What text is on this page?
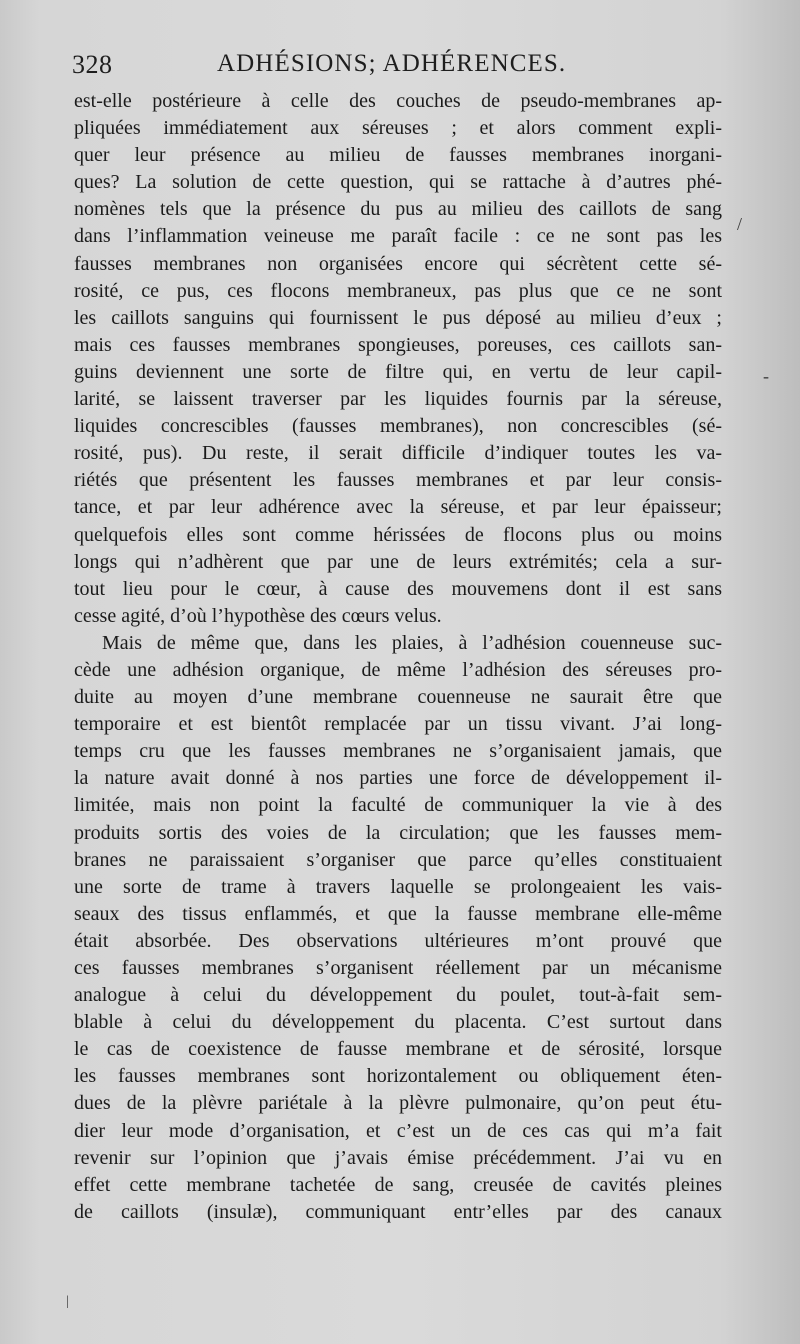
328	ADHÉSIONS; ADHÉRENCES.
est-elle postérieure à celle des couches de pseudo-membranes ap-
pliquées immédiatement aux séreuses ; et alors comment expli-
quer leur présence au milieu de fausses membranes inorgani-
ques? La solution de cette question, qui se rattache à d’autres phé-
nomènes tels que la présence du pus au milieu des caillots de sang
dans l’inflammation veineuse me paraît facile : ce ne sont pas les
fausses membranes non organisées encore qui sécrètent cette sé-
rosité, ce pus, ces flocons membraneux, pas plus que ce ne sont
les caillots sanguins qui fournissent le pus déposé au milieu d’eux ;
mais ces fausses membranes spongieuses, poreuses, ces caillots san-
guins deviennent une sorte de filtre qui, en vertu de leur capil-
larité, se laissent traverser par les liquides fournis par la séreuse,
liquides concrescibles (fausses membranes), non concrescibles (sé-
rosité, pus). Du reste, il serait difficile d’indiquer toutes les va-
riétés que présentent les fausses membranes et par leur consis-
tance, et par leur adhérence avec la séreuse, et par leur épaisseur;
quelquefois elles sont comme hérissées de flocons plus ou moins
longs qui n’adhèrent que par une de leurs extrémités; cela a sur-
tout lieu pour le cœur, à cause des mouvemens dont il est sans
cesse agité, d’où l’hypothèse des cœurs velus.
Mais de même que, dans les plaies, à l’adhésion couenneuse suc-
cède une adhésion organique, de même l’adhésion des séreuses pro-
duite au moyen d’une membrane couenneuse ne saurait être que
temporaire et est bientôt remplacée par un tissu vivant. J’ai long-
temps cru que les fausses membranes ne s’organisaient jamais, que
la nature avait donné à nos parties une force de développement il-
limitée, mais non point la faculté de communiquer la vie à des
produits sortis des voies de la circulation; que les fausses mem-
branes ne paraissaient s’organiser que parce qu’elles constituaient
une sorte de trame à travers laquelle se prolongeaient les vais-
seaux des tissus enflammés, et que la fausse membrane elle-même
était absorbée. Des observations ultérieures m’ont prouvé que
ces fausses membranes s’organisent réellement par un mécanisme
analogue à celui du développement du poulet, tout-à-fait sem-
blable à celui du développement du placenta. C’est surtout dans
le cas de coexistence de fausse membrane et de sérosité, lorsque
les fausses membranes sont horizontalement ou obliquement éten-
dues de la plèvre pariétale à la plèvre pulmonaire, qu’on peut étu-
dier leur mode d’organisation, et c’est un de ces cas qui m’a fait
revenir sur l’opinion que j’avais émise précédemment. J’ai vu en
effet cette membrane tachetée de sang, creusée de cavités pleines
de caillots (insulæ), communiquant entr’elles par des canaux
/
-
|
